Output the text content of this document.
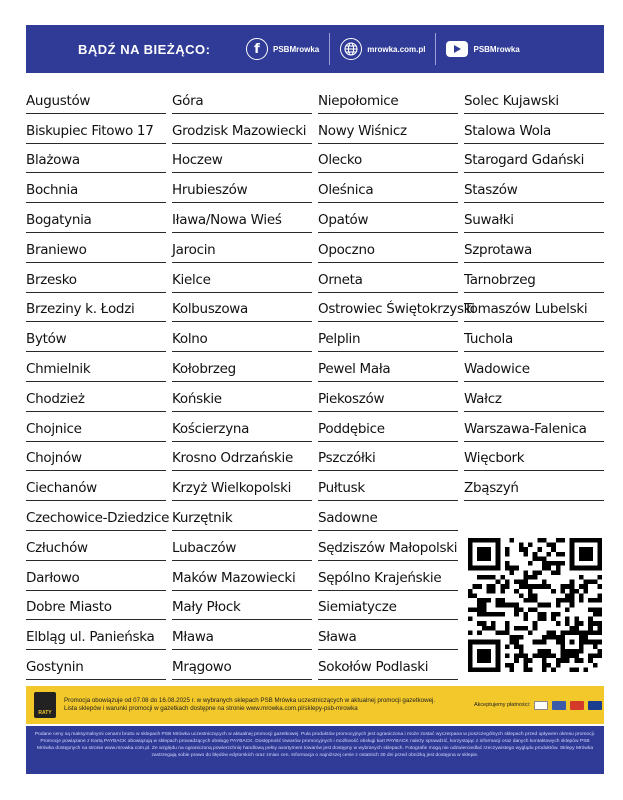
BĄDŹ NA BIEŻĄCO:	f	PSBMrowka	mrowka.com.pl	PSBMrowka
Augustów
Biskupiec Fitowo 17
Blażowa
Bochnia
Bogatynia
Braniewo
Brzesko
Brzeziny k. Łodzi
Bytów
Chmielnik
Chodzież
Chojnice
Chojnów
Ciechanów
Czechowice-Dziedzice
Człuchów
Darłowo
Dobre Miasto
Elbląg ul. Panieńska
Gostynin
Góra
Grodzisk Mazowiecki
Hoczew
Hrubieszów
Iława/Nowa Wieś
Jarocin
Kielce
Kolbuszowa
Kolno
Kołobrzeg
Końskie
Kościerzyna
Krosno Odrzańskie
Krzyż Wielkopolski
Kurzętnik
Lubaczów
Maków Mazowiecki
Mały Płock
Mława
Mrągowo
Niepołomice
Nowy Wiśnicz
Olecko
Oleśnica
Opatów
Opoczno
Orneta
Ostrowiec Świętokrzyski
Pelplin
Pewel Mała
Piekoszów
Poddębice
Pszczółki
Pułtusk
Sadowne
Sędziszów Małopolski
Sępólno Krajeńskie
Siemiatycze
Sława
Sokołów Podlaski
Solec Kujawski
Stalowa Wola
Starogard Gdański
Staszów
Suwałki
Szprotawa
Tarnobrzeg
Tomaszów Lubelski
Tuchola
Wadowice
Wałcz
Warszawa-Falenica
Więcbork
Zbąszyń
RATY
Promocja obowiązuje od 07.08 do 16.08.2025 r. w wybranych sklepach PSB Mrówka uczestniczących w aktualnej promocji gazetkowej.
Lista sklepów i warunki promocji w gazetkach dostępne na stronie www.mrowka.com.pl/sklepy-psb-mrowka	Akceptujemy płatności:
Podane ceny są maksymalnymi cenami brutto w sklepach PSB Mrówka uczestniczących w aktualnej promocji gazetkowej. Pula produktów promocyjnych jest ograniczona i może zostać wyczerpana w poszczególnych sklepach przed upływem okresu promocji. Promocje powiązane z Kartą PAYBACK obowiązują w sklepach prowadzących obsługę PAYBACK. Dostępność towarów promocyjnych i możliwość obsługi kart PAYBACK należy sprawdzić, korzystając z informacji oraz danych kontaktowych sklepów PSB Mrówka dostępnych na stronie www.mrowka.com.pl. Ze względu na ograniczoną powierzchnię handlową pełny asortyment towarów jest dostępny w wybranych sklepach. Fotografie mogą nie odzwierciedlać rzeczywistego wyglądu produktów. Sklepy Mrówka zastrzegają sobie prawo do błędów edytorskich oraz zmian cen. Informacja o najniższej cenie z ostatnich 30 dni przed obniżką jest dostępna w sklepie.
